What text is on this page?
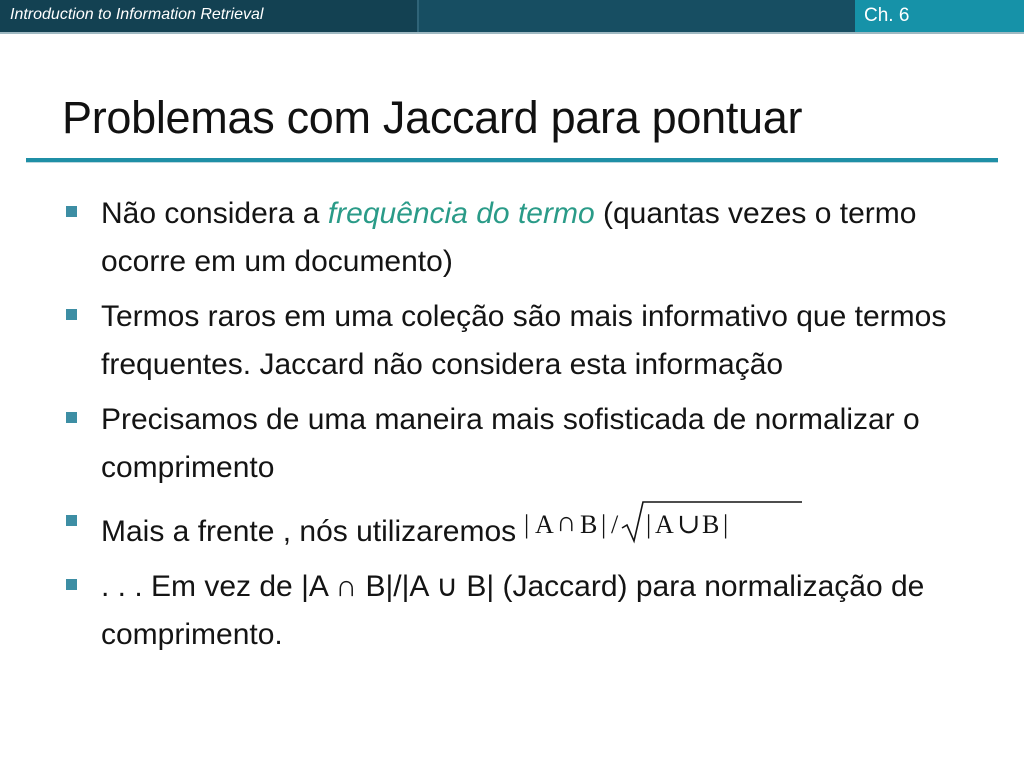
Introduction to Information Retrieval	Ch. 6
Problemas com Jaccard para pontuar
Não considera a frequência do termo (quantas vezes o termo ocorre em um documento)
Termos raros em uma coleção são mais informativo que termos frequentes. Jaccard não considera esta informação
Precisamos de uma maneira mais sofisticada de normalizar o comprimento
Mais a frente , nós utilizaremos | A ∩ B | / | A ∪ B |
. . . Em vez de |A ∩ B|/|A ∪ B| (Jaccard) para normalização de comprimento.
